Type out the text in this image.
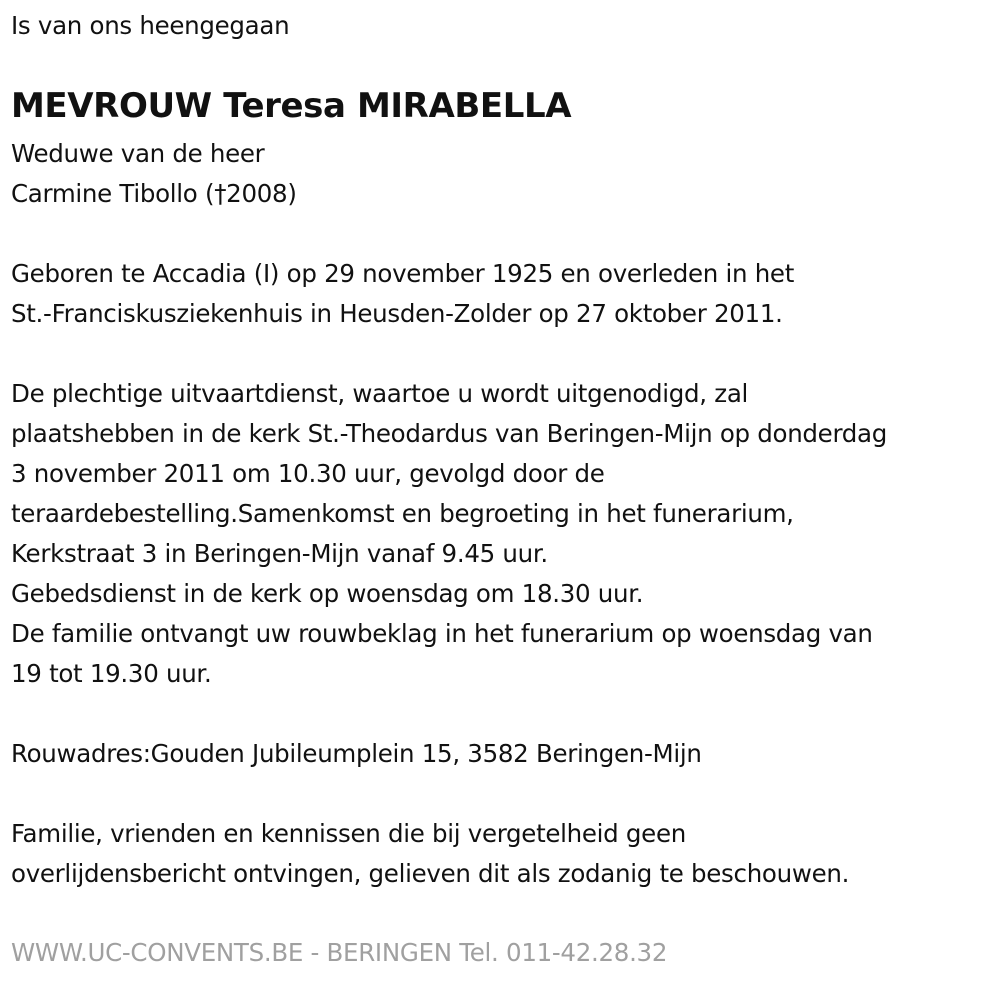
Is van ons heengegaan
MEVROUW Teresa MIRABELLA
Weduwe van de heer
Carmine Tibollo (†2008)
Geboren te Accadia (I) op 29 november 1925 en overleden in het
St.-Franciskusziekenhuis in Heusden-Zolder op 27 oktober 2011.
De plechtige uitvaartdienst, waartoe u wordt uitgenodigd, zal
plaatshebben in de kerk St.-Theodardus van Beringen-Mijn op donderdag
3 november 2011 om 10.30 uur, gevolgd door de
teraardebestelling.Samenkomst en begroeting in het funerarium,
Kerkstraat 3 in Beringen-Mijn vanaf 9.45 uur.
Gebedsdienst in de kerk op woensdag om 18.30 uur.
De familie ontvangt uw rouwbeklag in het funerarium op woensdag van
19 tot 19.30 uur.
Rouwadres:Gouden Jubileumplein 15, 3582 Beringen-Mijn
Familie, vrienden en kennissen die bij vergetelheid geen
overlijdensbericht ontvingen, gelieven dit als zodanig te beschouwen.
WWW.UC-CONVENTS.BE - BERINGEN Tel. 011-42.28.32
